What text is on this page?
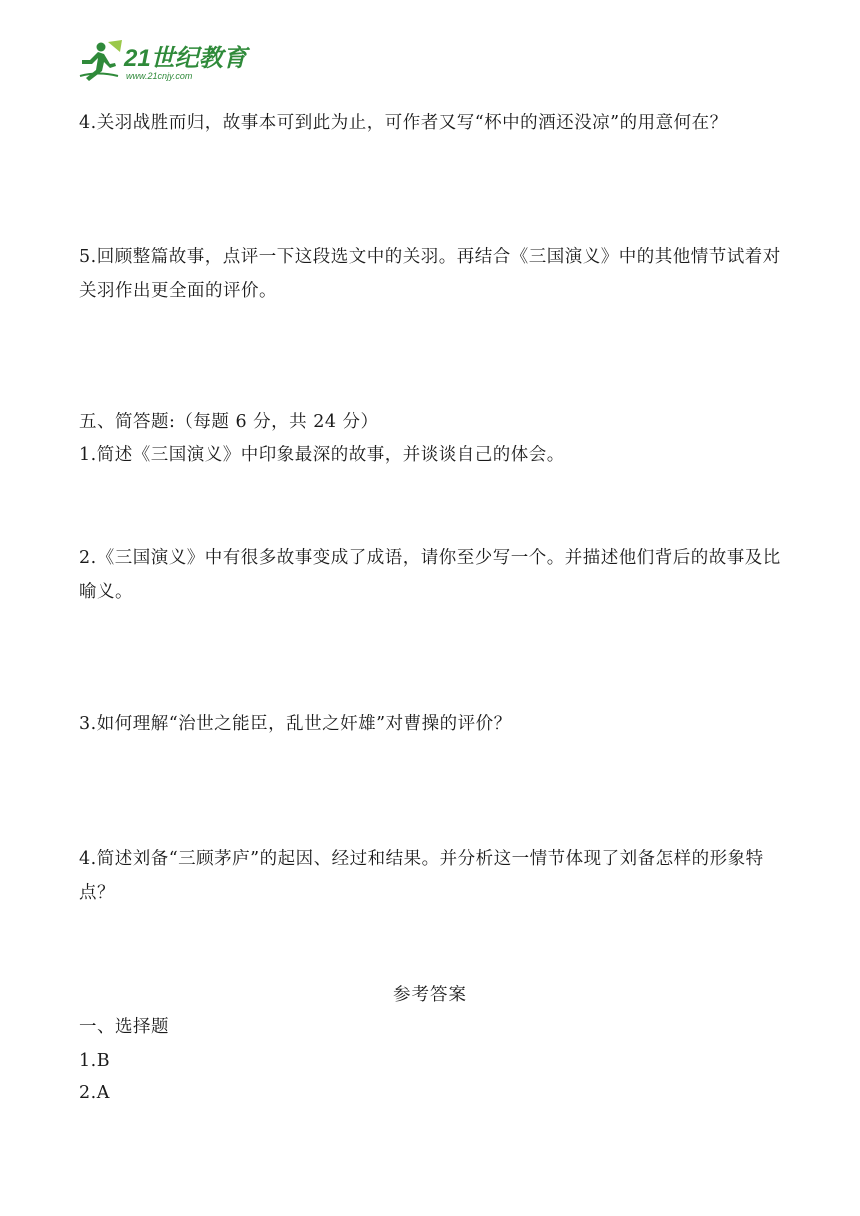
21世纪教育
www.21cnjy.com

4.关羽战胜而归，故事本可到此为止，可作者又写“杯中的酒还没凉”的用意何在？

5.回顾整篇故事，点评一下这段选文中的关羽。再结合《三国演义》中的其他情节试着对关羽作出更全面的评价。

五、简答题:（每题 6 分，共 24 分）
1.简述《三国演义》中印象最深的故事，并谈谈自己的体会。

2.《三国演义》中有很多故事变成了成语，请你至少写一个。并描述他们背后的故事及比喻义。

3.如何理解“治世之能臣，乱世之奸雄”对曹操的评价？

4.简述刘备“三顾茅庐”的起因、经过和结果。并分析这一情节体现了刘备怎样的形象特点？

参考答案
一、选择题
1.B
2.A
